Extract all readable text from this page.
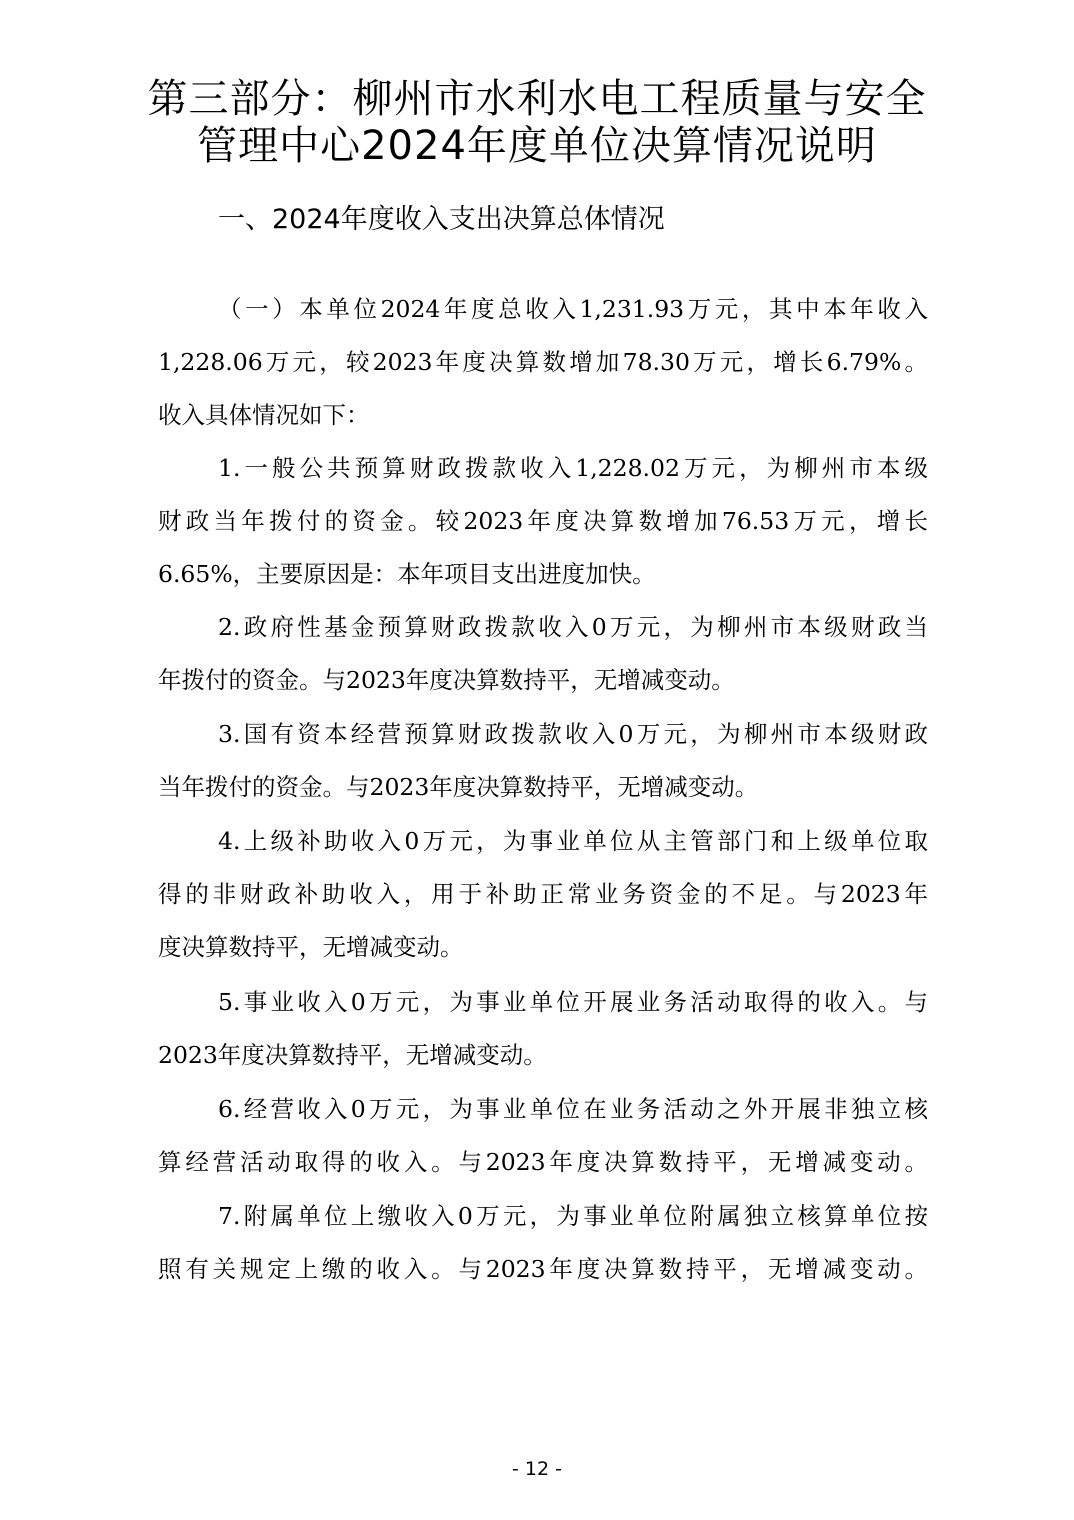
第三部分：柳州市水利水电工程质量与安全
管理中心2024年度单位决算情况说明
一、2024年度收入支出决算总体情况
（一）本单位2024年度总收入1,231.93万元，其中本年收入
1,228.06万元，较2023年度决算数增加78.30万元，增长6.79%。
收入具体情况如下：
1.一般公共预算财政拨款收入1,228.02万元，为柳州市本级
财政当年拨付的资金。较2023年度决算数增加76.53万元，增长
6.65%，主要原因是：本年项目支出进度加快。
2.政府性基金预算财政拨款收入0万元，为柳州市本级财政当
年拨付的资金。与2023年度决算数持平，无增减变动。
3.国有资本经营预算财政拨款收入0万元，为柳州市本级财政
当年拨付的资金。与2023年度决算数持平，无增减变动。
4.上级补助收入0万元，为事业单位从主管部门和上级单位取
得的非财政补助收入，用于补助正常业务资金的不足。与2023年
度决算数持平，无增减变动。
5.事业收入0万元，为事业单位开展业务活动取得的收入。与
2023年度决算数持平，无增减变动。
6.经营收入0万元，为事业单位在业务活动之外开展非独立核
算经营活动取得的收入。与2023年度决算数持平，无增减变动。
7.附属单位上缴收入0万元，为事业单位附属独立核算单位按
照有关规定上缴的收入。与2023年度决算数持平，无增减变动。
- 12 -
